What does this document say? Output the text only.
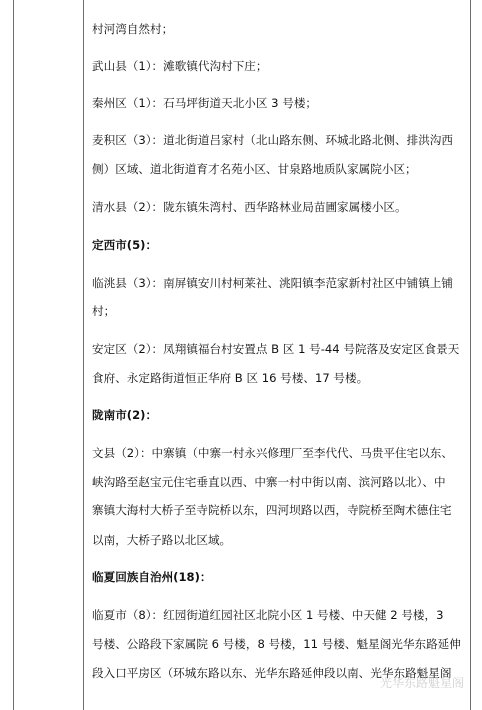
村河湾自然村；
武山县（1）：滩歌镇代沟村下庄；
秦州区（1）：石马坪街道天北小区 3 号楼；
麦积区（3）：道北街道吕家村（北山路东侧、环城北路北侧、排洪沟西
侧）区域、道北街道育才名苑小区、甘泉路地质队家属院小区；
清水县（2）：陇东镇朱湾村、西华路林业局苗圃家属楼小区。
定西市(5)：
临洮县（3）：南屏镇安川村柯莱社、洮阳镇李范家新村社区中铺镇上铺
村；
安定区（2）：凤翔镇福台村安置点 B 区 1 号-44 号院落及安定区食景天
食府、永定路街道恒正华府 B 区 16 号楼、17 号楼。
陇南市(2)：
文县（2）：中寨镇（中寨一村永兴修理厂至李代代、马贵平住宅以东、
峡沟路至赵宝元住宅垂直以西、中寨一村中街以南、滨河路以北）、中
寨镇大海村大桥子至寺院桥以东，四河坝路以西，寺院桥至陶术德住宅
以南，大桥子路以北区域。
临夏回族自治州(18)：
临夏市（8）：红园街道红园社区北院小区 1 号楼、中天健 2 号楼，3
号楼、公路段下家属院 6 号楼，8 号楼，11 号楼、魁星阁光华东路延伸
段入口平房区（环城东路以东、光华东路延伸段以南、光华东路魁星阁
光华东路魁星阁
